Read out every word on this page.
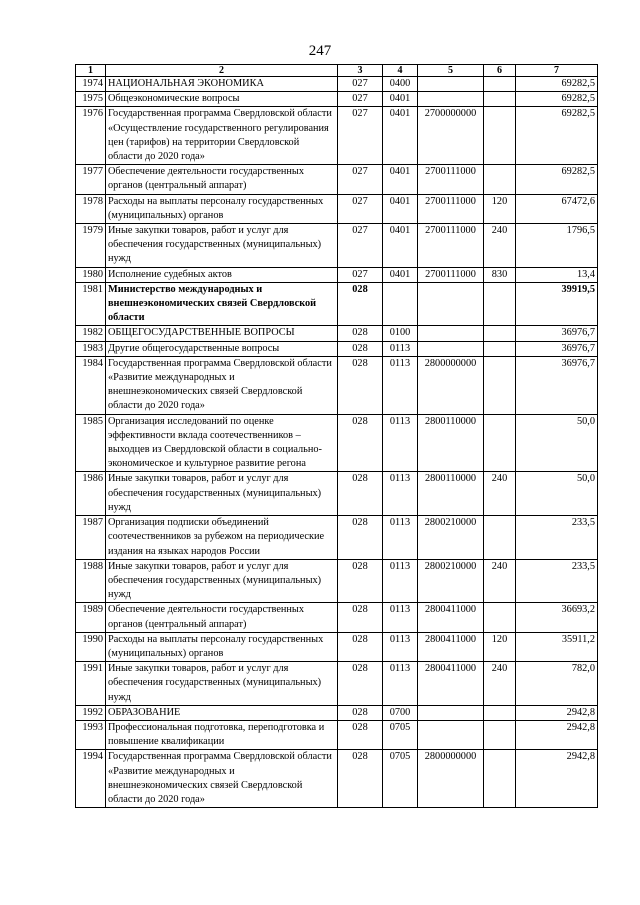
247
1	2	3	4	5	6	7
1974	НАЦИОНАЛЬНАЯ ЭКОНОМИКА	027	0400			69282,5
1975	Общеэкономические вопросы	027	0401			69282,5
1976	Государственная программа Свердловской области «Осуществление государственного регулирования цен (тарифов) на территории Свердловской области до 2020 года»	027	0401	2700000000		69282,5
1977	Обеспечение деятельности государственных органов (центральный аппарат)	027	0401	2700111000		69282,5
1978	Расходы на выплаты персоналу государственных (муниципальных) органов	027	0401	2700111000	120	67472,6
1979	Иные закупки товаров, работ и услуг для обеспечения государственных (муниципальных) нужд	027	0401	2700111000	240	1796,5
1980	Исполнение судебных актов	027	0401	2700111000	830	13,4
1981	Министерство международных и внешнеэкономических связей Свердловской области	028				39919,5
1982	ОБЩЕГОСУДАРСТВЕННЫЕ ВОПРОСЫ	028	0100			36976,7
1983	Другие общегосударственные вопросы	028	0113			36976,7
1984	Государственная программа Свердловской области «Развитие международных и внешнеэкономических связей Свердловской области до 2020 года»	028	0113	2800000000		36976,7
1985	Организация исследований по оценке эффективности вклада соотечественников – выходцев из Свердловской области в социально-экономическое и культурное развитие регона	028	0113	2800110000		50,0
1986	Иные закупки товаров, работ и услуг для обеспечения государственных (муниципальных) нужд	028	0113	2800110000	240	50,0
1987	Организация подписки объединений соотечественников за рубежом на периодические издания на языках народов России	028	0113	2800210000		233,5
1988	Иные закупки товаров, работ и услуг для обеспечения государственных (муниципальных) нужд	028	0113	2800210000	240	233,5
1989	Обеспечение деятельности государственных органов (центральный аппарат)	028	0113	2800411000		36693,2
1990	Расходы на выплаты персоналу государственных (муниципальных) органов	028	0113	2800411000	120	35911,2
1991	Иные закупки товаров, работ и услуг для обеспечения государственных (муниципальных) нужд	028	0113	2800411000	240	782,0
1992	ОБРАЗОВАНИЕ	028	0700			2942,8
1993	Профессиональная подготовка, переподготовка и повышение квалификации	028	0705			2942,8
1994	Государственная программа Свердловской области «Развитие международных и внешнеэкономических связей Свердловской области до 2020 года»	028	0705	2800000000		2942,8
